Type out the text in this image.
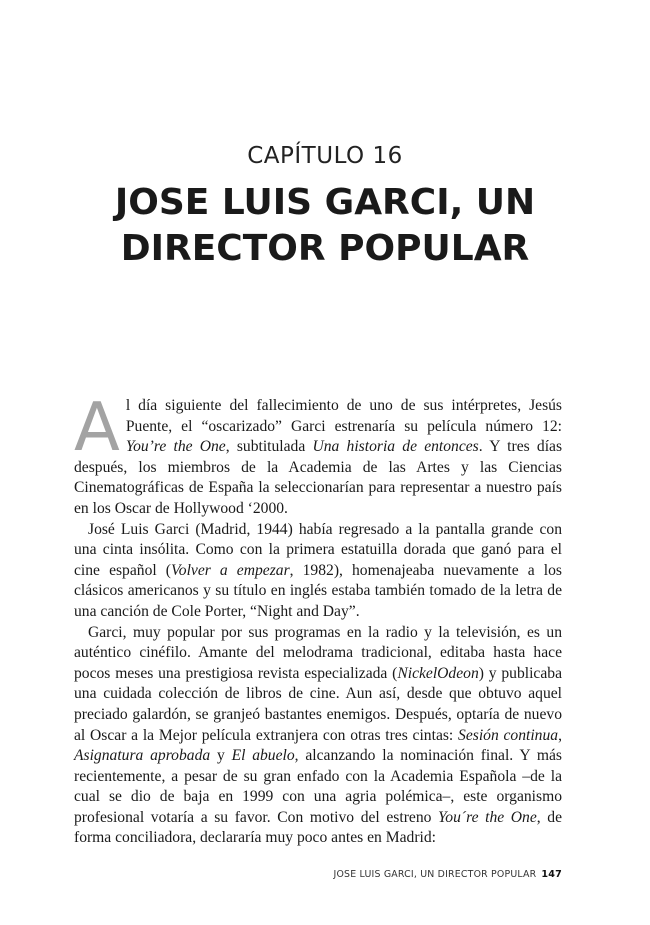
CAPÍTULO 16
JOSE LUIS GARCI, UN DIRECTOR POPULAR

Al día siguiente del fallecimiento de uno de sus intérpretes, Jesús Puente, el “oscarizado” Garci estrenaría su película número 12: You’re the One, subtitulada Una historia de entonces. Y tres días después, los miembros de la Academia de las Artes y las Ciencias Cinematográficas de España la seleccionarían para representar a nuestro país en los Oscar de Hollywood ‘2000.

José Luis Garci (Madrid, 1944) había regresado a la pantalla grande con una cinta insólita. Como con la primera estatuilla dorada que ganó para el cine español (Volver a empezar, 1982), homenajeaba nuevamente a los clásicos americanos y su título en inglés estaba también tomado de la letra de una canción de Cole Porter, “Night and Day”.

Garci, muy popular por sus programas en la radio y la televisión, es un auténtico cinéfilo. Amante del melodrama tradicional, editaba hasta hace pocos meses una prestigiosa revista especializada (NickelOdeon) y publicaba una cuidada colección de libros de cine. Aun así, desde que obtuvo aquel preciado galardón, se granjeó bastantes enemigos. Después, optaría de nuevo al Oscar a la Mejor película extranjera con otras tres cintas: Sesión continua, Asignatura aprobada y El abuelo, alcanzando la nominación final. Y más recientemente, a pesar de su gran enfado con la Academia Española –de la cual se dio de baja en 1999 con una agria polémica–, este organismo profesional votaría a su favor. Con motivo del estreno You´re the One, de forma conciliadora, declararía muy poco antes en Madrid:

JOSE LUIS GARCI, UN DIRECTOR POPULAR 147
